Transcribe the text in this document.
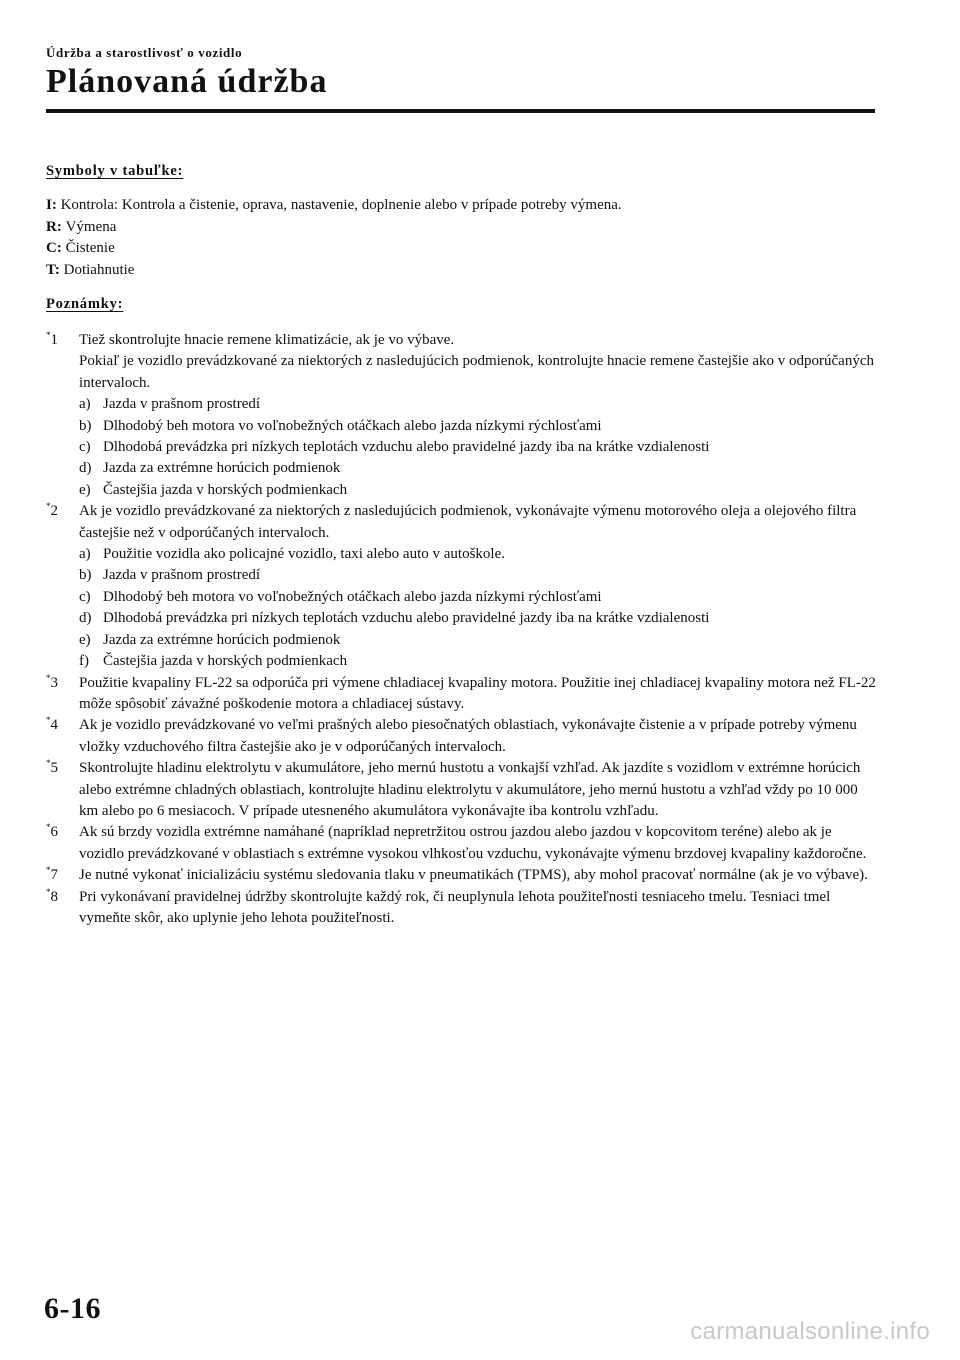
Údržba a starostlivosť o vozidlo
Plánovaná údržba
Symboly v tabuľke:
I: Kontrola: Kontrola a čistenie, oprava, nastavenie, doplnenie alebo v prípade potreby výmena.
R: Výmena
C: Čistenie
T: Dotiahnutie
Poznámky:
*1	Tiež skontrolujte hnacie remene klimatizácie, ak je vo výbave.
Pokiaľ je vozidlo prevádzkované za niektorých z nasledujúcich podmienok, kontrolujte hnacie remene častejšie ako v odporúčaných intervaloch.
a) Jazda v prašnom prostredí
b) Dlhodobý beh motora vo voľnobežných otáčkach alebo jazda nízkymi rýchlosťami
c) Dlhodobá prevádzka pri nízkych teplotách vzduchu alebo pravidelné jazdy iba na krátke vzdialenosti
d) Jazda za extrémne horúcich podmienok
e) Častejšia jazda v horských podmienkach
*2	Ak je vozidlo prevádzkované za niektorých z nasledujúcich podmienok, vykonávajte výmenu motorového oleja a olejového filtra častejšie než v odporúčaných intervaloch.
a) Použitie vozidla ako policajné vozidlo, taxi alebo auto v autoškole.
b) Jazda v prašnom prostredí
c) Dlhodobý beh motora vo voľnobežných otáčkach alebo jazda nízkymi rýchlosťami
d) Dlhodobá prevádzka pri nízkych teplotách vzduchu alebo pravidelné jazdy iba na krátke vzdialenosti
e) Jazda za extrémne horúcich podmienok
f) Častejšia jazda v horských podmienkach
*3	Použitie kvapaliny FL-22 sa odporúča pri výmene chladiacej kvapaliny motora. Použitie inej chladiacej kvapaliny motora než FL-22 môže spôsobiť závažné poškodenie motora a chladiacej sústavy.
*4	Ak je vozidlo prevádzkované vo veľmi prašných alebo piesočnatých oblastiach, vykonávajte čistenie a v prípade potreby výmenu vložky vzduchového filtra častejšie ako je v odporúčaných intervaloch.
*5	Skontrolujte hladinu elektrolytu v akumulátore, jeho mernú hustotu a vonkajší vzhľad. Ak jazdíte s vozidlom v extrémne horúcich alebo extrémne chladných oblastiach, kontrolujte hladinu elektrolytu v akumulátore, jeho mernú hustotu a vzhľad vždy po 10 000 km alebo po 6 mesiacoch. V prípade utesneného akumulátora vykonávajte iba kontrolu vzhľadu.
*6	Ak sú brzdy vozidla extrémne namáhané (napríklad nepretržitou ostrou jazdou alebo jazdou v kopcovitom teréne) alebo ak je vozidlo prevádzkované v oblastiach s extrémne vysokou vlhkosťou vzduchu, vykonávajte výmenu brzdovej kvapaliny každoročne.
*7	Je nutné vykonať inicializáciu systému sledovania tlaku v pneumatikách (TPMS), aby mohol pracovať normálne (ak je vo výbave).
*8	Pri vykonávaní pravidelnej údržby skontrolujte každý rok, či neuplynula lehota použiteľnosti tesniaceho tmelu. Tesniaci tmel vymeňte skôr, ako uplynie jeho lehota použiteľnosti.
6-16
carmanualsonline.info
